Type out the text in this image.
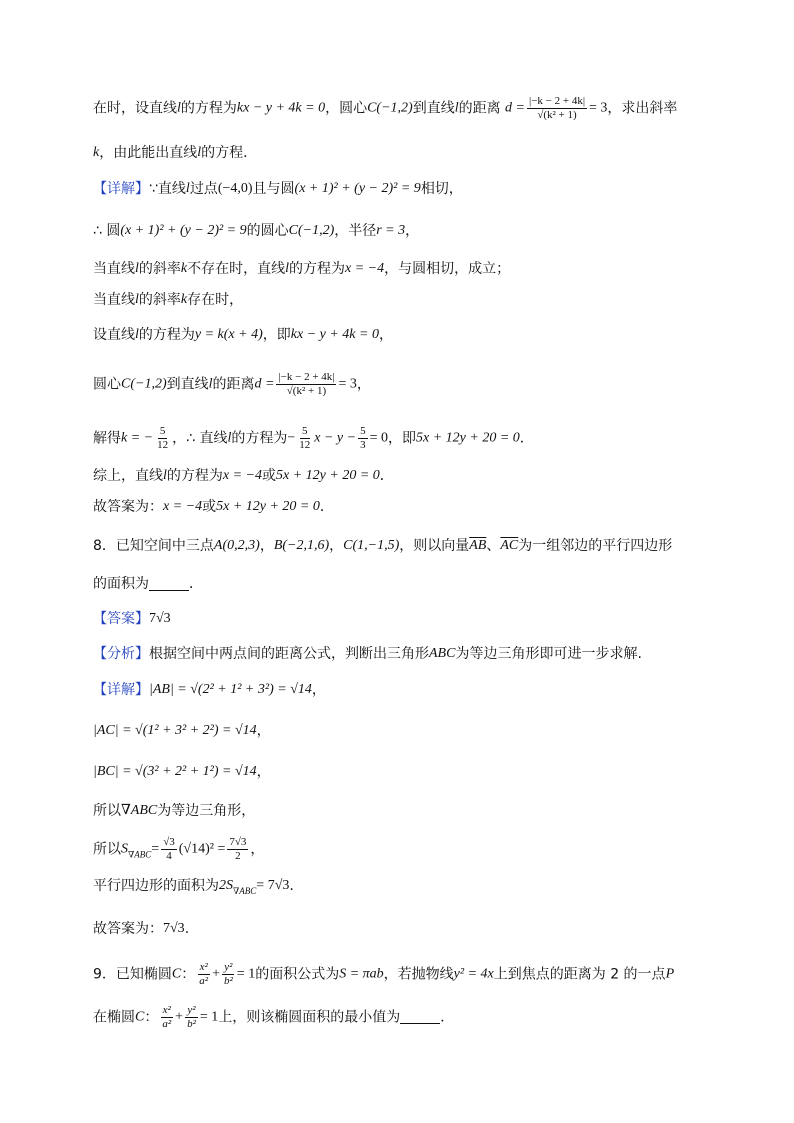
在时，设直线l的方程为kx − y + 4k = 0，圆心C(−1,2)到直线l的距离 $d = \frac{|-k - 2 + 4k|}{\text{√(k² + 1)}} = 3$，求出斜率
k，由此能出直线l的方程．
【详解】∵直线l过点(−4,0)且与圆(x + 1)² + (y − 2)² = 9相切，
∴ 圆(x + 1)² + (y − 2)² = 9的圆心C(−1,2)，半径r = 3，
当直线l的斜率k不存在时，直线l的方程为x = −4，与圆相切，成立；
当直线l的斜率k存在时，
设直线l的方程为y = k(x + 4)，即kx − y + 4k = 0，
圆心C(−1,2)到直线l的距离$d = \frac{|-k - 2 + 4k|}{\text{√(k² + 1)}} = 3$，
解得k = − $\frac{5}{12}$ ，∴ 直线l的方程为− $\frac{5}{12}$ $x - y - \frac{5}{3} = 0$，即5x + 12y + 20 = 0．
综上，直线l的方程为x = −4或5x + 12y + 20 = 0．
故答案为：x = −4或5x + 12y + 20 = 0．
8．已知空间中三点A(0,2,3)，B(−2,1,6)，C(1,−1,5)，则以向量$\overline{AB}$、$\overline{AC}$为一组邻边的平行四边形
的面积为	．
【答案】7√3
【分析】根据空间中两点间的距离公式，判断出三角形ABC为等边三角形即可进一步求解.
【详解】|AB| = √(2² + 1² + 3²) = √14，
|AC| = √(1² + 3² + 2²) = √14，
|BC| = √(3² + 2² + 1²) = √14，
所以∇ABC为等边三角形，
所以$S_{\nabla ABC}= \frac{√3}{4} (√14)^2 = \frac{7√3}{2}$ ，
平行四边形的面积为$2S_{\nabla ABC}= 7√3$.
故答案为：7√3.
9．已知椭圆C： $\frac{\text{x²}}{\text{a²}} + \frac{\text{y²}}{\text{b²}} = 1$的面积公式为S = πab，若抛物线y² = 4x上到焦点的距离为 2 的一点P
在椭圆C： $\frac{\text{x²}}{\text{a²}} + \frac{\text{y²}}{\text{b²}} = 1$上，则该椭圆面积的最小值为	．
